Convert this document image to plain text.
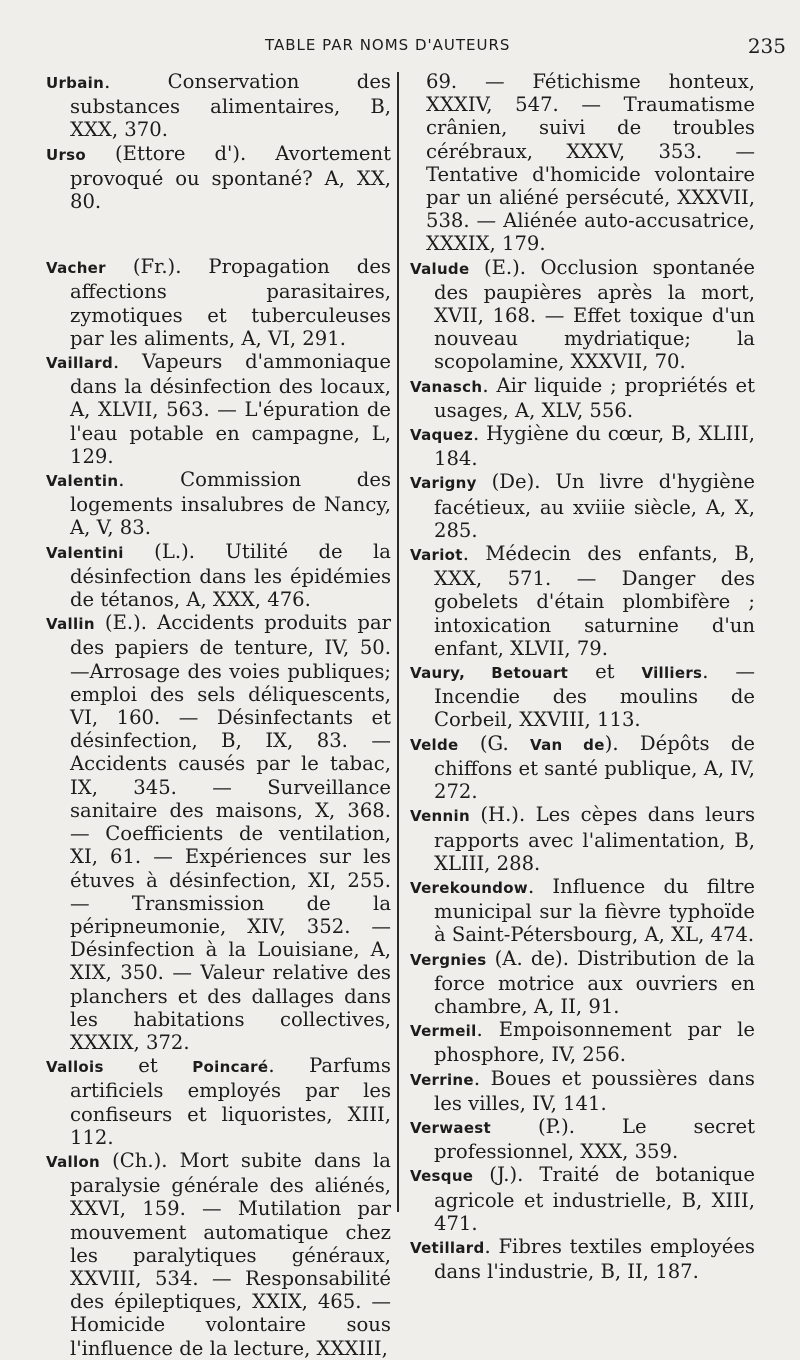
TABLE PAR NOMS D'AUTEURS	235

Urbain. Conservation des substances alimentaires, B, XXX, 370.

Urso (Ettore d'). Avortement provoqué ou spontané? A, XX, 80.

Vacher (Fr.). Propagation des affections parasitaires, zymotiques et tuberculeuses par les aliments, A, VI, 291.

Vaillard. Vapeurs d'ammoniaque dans la désinfection des locaux, A, XLVII, 563. — L'épuration de l'eau potable en campagne, L, 129.

Valentin. Commission des logements insalubres de Nancy, A, V, 83.

Valentini (L.). Utilité de la désinfection dans les épidémies de tétanos, A, XXX, 476.

Vallin (E.). Accidents produits par des papiers de tenture, IV, 50. —Arrosage des voies publiques; emploi des sels déliquescents, VI, 160. — Désinfectants et désinfection, B, IX, 83. — Accidents causés par le tabac, IX, 345. — Surveillance sanitaire des maisons, X, 368. — Coefficients de ventilation, XI, 61. — Expériences sur les étuves à désinfection, XI, 255. — Transmission de la péripneumonie, XIV, 352. — Désinfection à la Louisiane, A, XIX, 350. — Valeur relative des planchers et des dallages dans les habitations collectives, XXXIX, 372.

Vallois et Poincaré. Parfums artificiels employés par les confiseurs et liquoristes, XIII, 112.

Vallon (Ch.). Mort subite dans la paralysie générale des aliénés, XXVI, 159. — Mutilation par mouvement automatique chez les paralytiques généraux, XXVIII, 534. — Responsabilité des épileptiques, XXIX, 465. — Homicide volontaire sous l'influence de la lecture, XXXIII,

69. — Fétichisme honteux, XXXIV, 547. — Traumatisme crânien, suivi de troubles cérébraux, XXXV, 353. — Tentative d'homicide volontaire par un aliéné persécuté, XXXVII, 538. — Aliénée auto-accusatrice, XXXIX, 179.

Valude (E.). Occlusion spontanée des paupières après la mort, XVII, 168. — Effet toxique d'un nouveau mydriatique; la scopolamine, XXXVII, 70.

Vanasch. Air liquide ; propriétés et usages, A, XLV, 556.

Vaquez. Hygiène du cœur, B, XLIII, 184.

Varigny (De). Un livre d'hygiène facétieux, au xviiie siècle, A, X, 285.

Variot. Médecin des enfants, B, XXX, 571. — Danger des gobelets d'étain plombifère ; intoxication saturnine d'un enfant, XLVII, 79.

Vaury, Betouart et Villiers. — Incendie des moulins de Corbeil, XXVIII, 113.

Velde (G. Van de). Dépôts de chiffons et santé publique, A, IV, 272.

Vennin (H.). Les cèpes dans leurs rapports avec l'alimentation, B, XLIII, 288.

Verekoundow. Influence du filtre municipal sur la fièvre typhoïde à Saint-Pétersbourg, A, XL, 474.

Vergnies (A. de). Distribution de la force motrice aux ouvriers en chambre, A, II, 91.

Vermeil. Empoisonnement par le phosphore, IV, 256.

Verrine. Boues et poussières dans les villes, IV, 141.

Verwaest (P.). Le secret professionnel, XXX, 359.

Vesque (J.). Traité de botanique agricole et industrielle, B, XIII, 471.

Vetillard. Fibres textiles employées dans l'industrie, B, II, 187.
